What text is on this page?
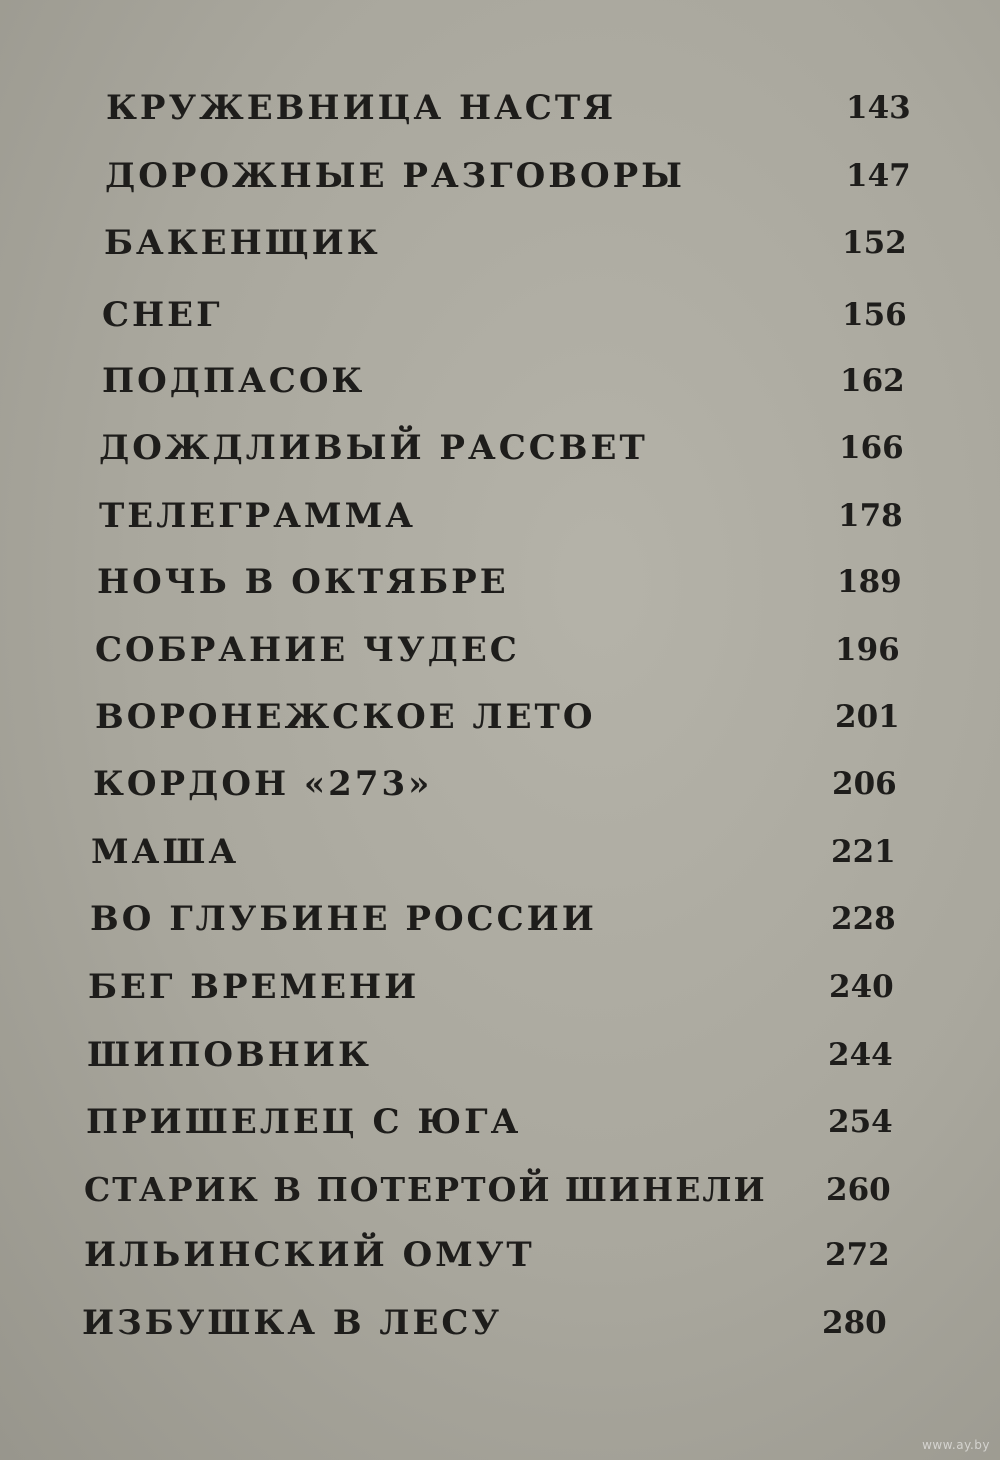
КРУЖЕВНИЦА НАСТЯ	143
ДОРОЖНЫЕ РАЗГОВОРЫ	147
БАКЕНЩИК	152
СНЕГ	156
ПОДПАСОК	162
ДОЖДЛИВЫЙ РАССВЕТ	166
ТЕЛЕГРАММА	178
НОЧЬ В ОКТЯБРЕ	189
СОБРАНИЕ ЧУДЕС	196
ВОРОНЕЖСКОЕ ЛЕТО	201
КОРДОН «273»	206
МАША	221
ВО ГЛУБИНЕ РОССИИ	228
БЕГ ВРЕМЕНИ	240
ШИПОВНИК	244
ПРИШЕЛЕЦ С ЮГА	254
СТАРИК В ПОТЕРТОЙ ШИНЕЛИ 260
ИЛЬИНСКИЙ ОМУТ	272
ИЗБУШКА В ЛЕСУ	280
www.ay.by
